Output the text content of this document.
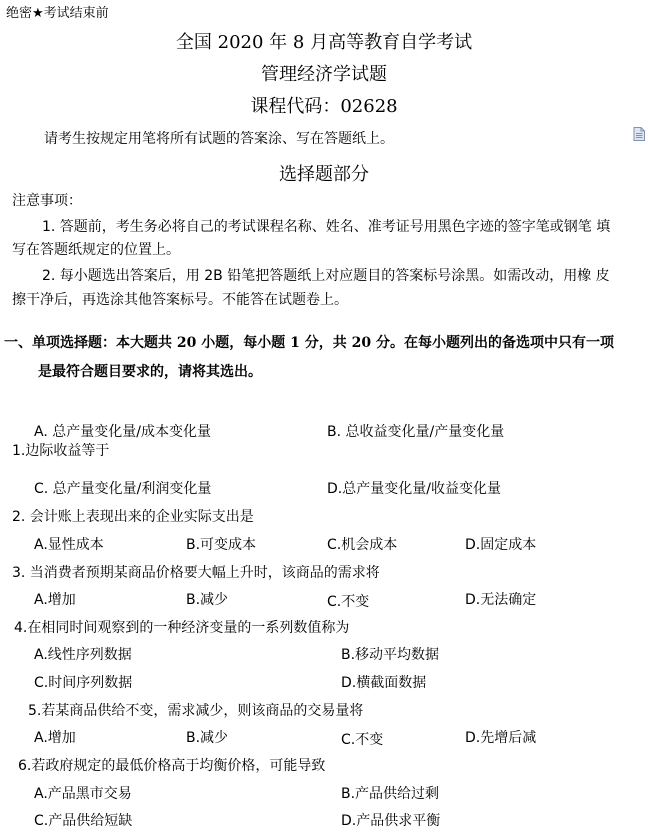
绝密★考试结束前
全国 2020 年 8 月高等教育自学考试
管理经济学试题
课程代码：02628
请考生按规定用笔将所有试题的答案涂、写在答题纸上。
选择题部分
注意事项：
1. 答题前，考生务必将自己的考试课程名称、姓名、准考证号用黑色字迹的签字笔或钢笔 填
写在答题纸规定的位置上。
2. 每小题选出答案后，用 2B 铅笔把答题纸上对应题目的答案标号涂黑。如需改动，用橡 皮
擦干净后，再选涂其他答案标号。不能答在试题卷上。
一、单项选择题：本大题共 20 小题，每小题 1 分，共 20 分。在每小题列出的备选项中只有一项
是最符合题目要求的，请将其选出。
A. 总产量变化量/成本变化量	B. 总收益变化量/产量变化量
1.边际收益等于
C. 总产量变化量/利润变化量	D.总产量变化量/收益变化量
2. 会计账上表现出来的企业实际支出是
A.显性成本	B.可变成本	C.机会成本	D.固定成本
3. 当消费者预期某商品价格要大幅上升时，该商品的需求将
A.增加	B.减少	C.不变	D.无法确定
4.在相同时间观察到的一种经济变量的一系列数值称为
A.线性序列数据	B.移动平均数据
C.时间序列数据	D.横截面数据
5.若某商品供给不变，需求减少，则该商品的交易量将
A.增加	B.减少	C.不变	D.先增后减
6.若政府规定的最低价格高于均衡价格，可能导致
A.产品黑市交易	B.产品供给过剩
C.产品供给短缺	D.产品供求平衡
